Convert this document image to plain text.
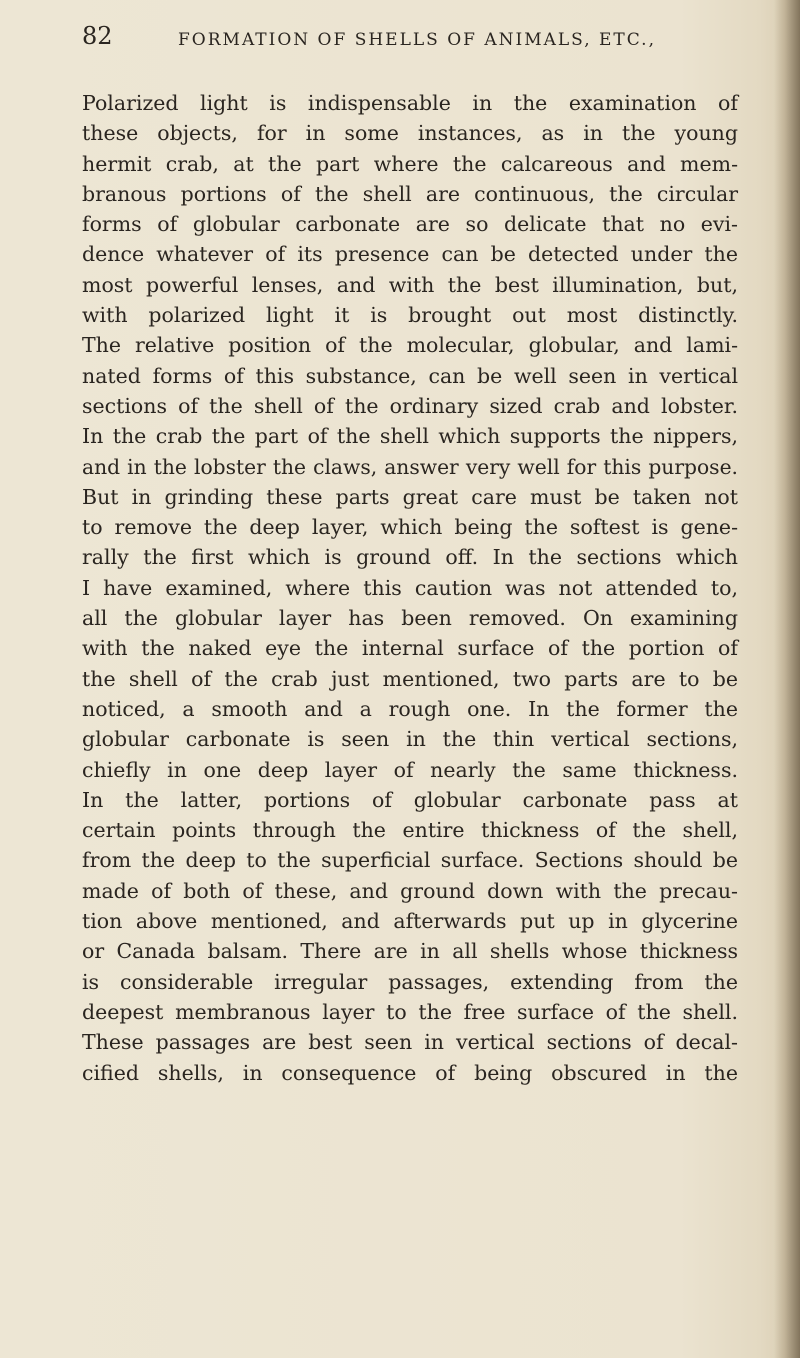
82	FORMATION OF SHELLS OF ANIMALS, ETC.,
Polarized light is indispensable in the examination of
these objects, for in some instances, as in the young
hermit crab, at the part where the calcareous and mem-
branous portions of the shell are continuous, the circular
forms of globular carbonate are so delicate that no evi-
dence whatever of its presence can be detected under the
most powerful lenses, and with the best illumination, but,
with polarized light it is brought out most distinctly.
The relative position of the molecular, globular, and lami-
nated forms of this substance, can be well seen in vertical
sections of the shell of the ordinary sized crab and lobster.
In the crab the part of the shell which supports the nippers,
and in the lobster the claws, answer very well for this purpose.
But in grinding these parts great care must be taken not
to remove the deep layer, which being the softest is gene-
rally the first which is ground off. In the sections which
I have examined, where this caution was not attended to,
all the globular layer has been removed. On examining
with the naked eye the internal surface of the portion of
the shell of the crab just mentioned, two parts are to be
noticed, a smooth and a rough one. In the former the
globular carbonate is seen in the thin vertical sections,
chiefly in one deep layer of nearly the same thickness.
In the latter, portions of globular carbonate pass at
certain points through the entire thickness of the shell,
from the deep to the superficial surface. Sections should be
made of both of these, and ground down with the precau-
tion above mentioned, and afterwards put up in glycerine
or Canada balsam. There are in all shells whose thickness
is considerable irregular passages, extending from the
deepest membranous layer to the free surface of the shell.
These passages are best seen in vertical sections of decal-
cified shells, in consequence of being obscured in the
